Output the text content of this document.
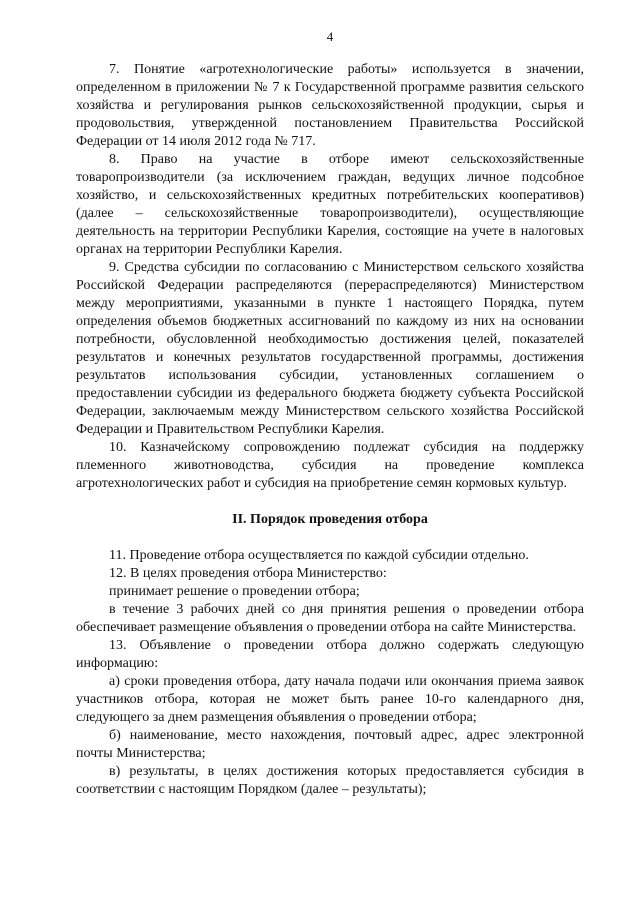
4

7. Понятие «агротехнологические работы» используется в значении, определенном в приложении № 7 к Государственной программе развития сельского хозяйства и регулирования рынков сельскохозяйственной продукции, сырья и продовольствия, утвержденной постановлением Правительства Российской Федерации от 14 июля 2012 года № 717.

8. Право на участие в отборе имеют сельскохозяйственные товаропроизводители (за исключением граждан, ведущих личное подсобное хозяйство, и сельскохозяйственных кредитных потребительских кооперативов) (далее – сельскохозяйственные товаропроизводители), осуществляющие деятельность на территории Республики Карелия, состоящие на учете в налоговых органах на территории Республики Карелия.

9. Средства субсидии по согласованию с Министерством сельского хозяйства Российской Федерации распределяются (перераспределяются) Министерством между мероприятиями, указанными в пункте 1 настоящего Порядка, путем определения объемов бюджетных ассигнований по каждому из них на основании потребности, обусловленной необходимостью достижения целей, показателей результатов и конечных результатов государственной программы, достижения результатов использования субсидии, установленных соглашением о предоставлении субсидии из федерального бюджета бюджету субъекта Российской Федерации, заключаемым между Министерством сельского хозяйства Российской Федерации и Правительством Республики Карелия.

10. Казначейскому сопровождению подлежат субсидия на поддержку племенного животноводства, субсидия на проведение комплекса агротехнологических работ и субсидия на приобретение семян кормовых культур.

II. Порядок проведения отбора

11. Проведение отбора осуществляется по каждой субсидии отдельно.

12. В целях проведения отбора Министерство:

принимает решение о проведении отбора;

в течение 3 рабочих дней со дня принятия решения о проведении отбора обеспечивает размещение объявления о проведении отбора на сайте Министерства.

13. Объявление о проведении отбора должно содержать следующую информацию:

а) сроки проведения отбора, дату начала подачи или окончания приема заявок участников отбора, которая не может быть ранее 10-го календарного дня, следующего за днем размещения объявления о проведении отбора;

б) наименование, место нахождения, почтовый адрес, адрес электронной почты Министерства;

в) результаты, в целях достижения которых предоставляется субсидия в соответствии с настоящим Порядком (далее – результаты);
